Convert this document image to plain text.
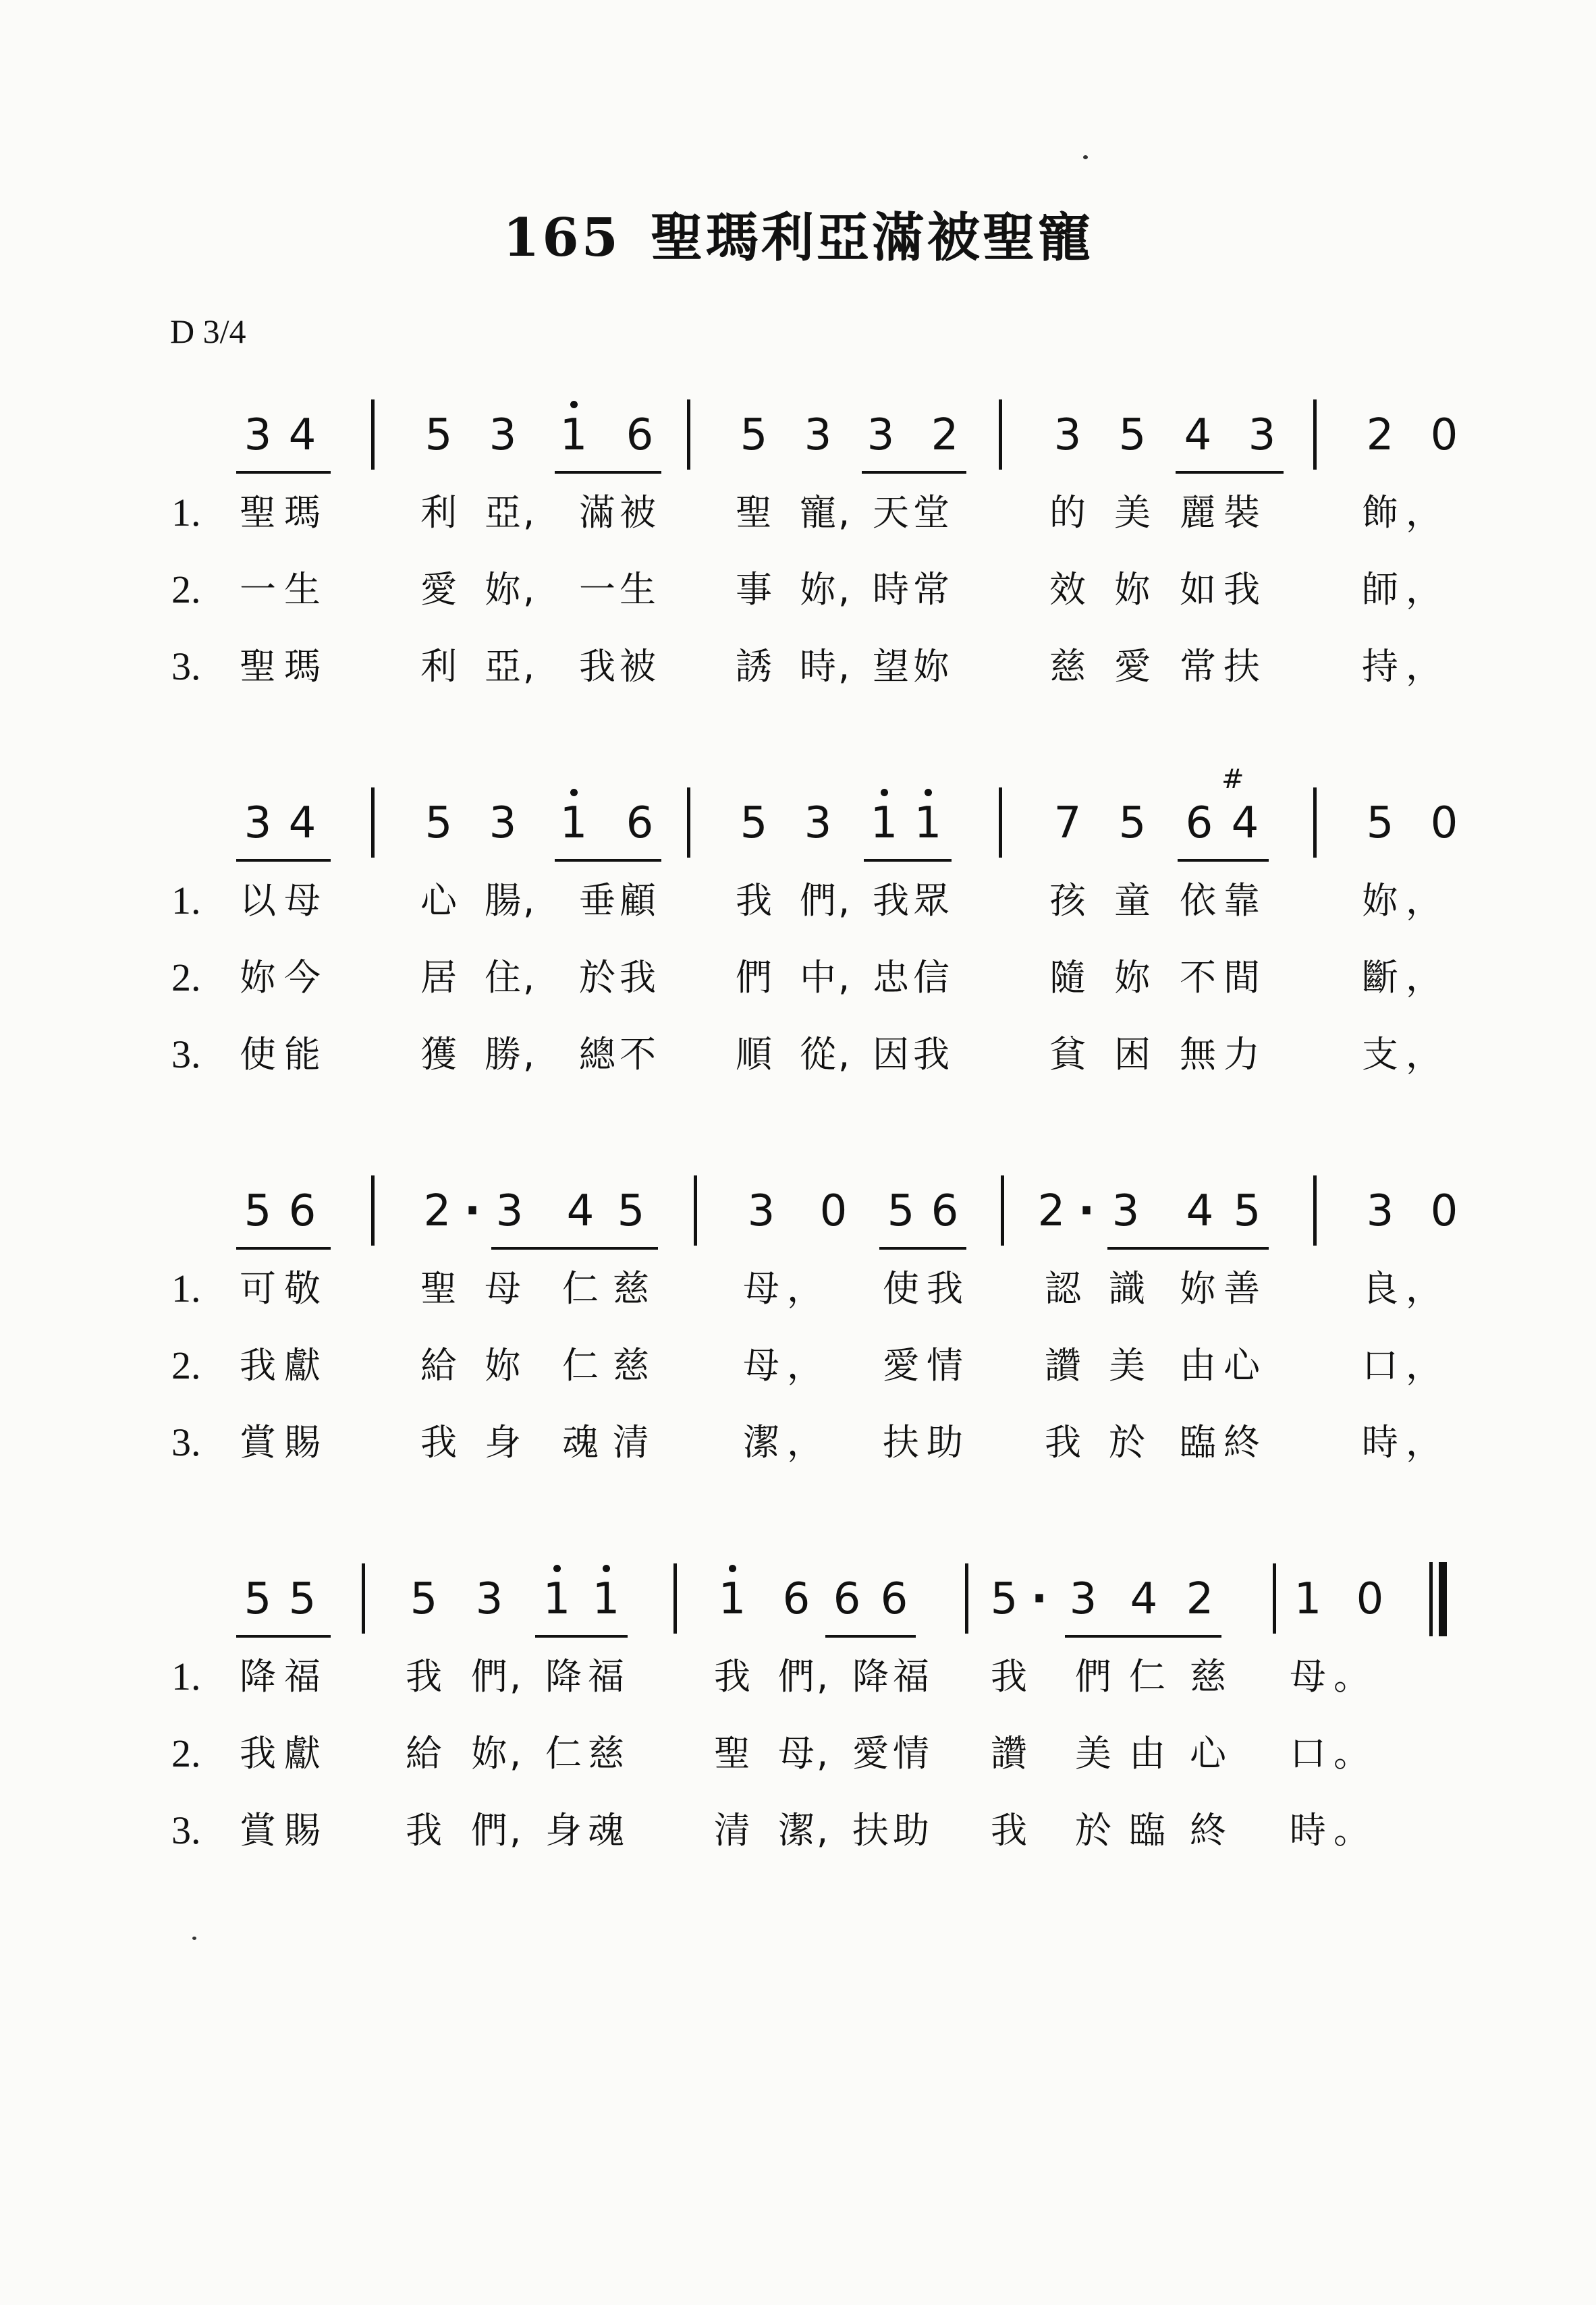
165 聖瑪利亞滿被聖寵
D 3/4
3 4	5 3 1 6 5 3 3 2 3 5 4 3 2 0
1.	聖 瑪	利 亞 , 滿 被 聖 寵 , 天 堂	的 美 麗 裝	飾 ，
2.	一 生	愛 妳 , 一 生 事 妳 , 時 常	效 妳 如 我	師 ，
3.	聖 瑪	利 亞 , 我 被 誘 時 , 望 妳	慈 愛 常 扶	持 ，
3 4	5 3 1 6 5 3 1 1	7 5 6 4 5 0
#
1.	以 母	心 腸 , 垂 顧 我 們 , 我 眾	孩 童 依 靠	妳 ，
2.	妳 今	居 住 , 於 我 們 中 , 忠 信	隨 妳 不 間	斷 ，
3.	使 能	獲 勝 , 總 不 順 從 , 因 我	貧 困 無 力	支 ，
5 6 2 · 3 4 5 3 0 5 6 2 · 3 4 5 3 0
1.	可 敬	聖 母 仁 慈	母 ， 使 我 認 識 妳 善	良 ，
2.	我 獻	給 妳 仁 慈	母 ， 愛 情 讚 美 由 心	口 ，
3.	賞 賜	我 身 魂 清	潔 ， 扶 助 我 於 臨 終	時 ，
5 5 5 3 1 1 1 6 6 6 5 · 3 4 2 1 0
1.	降 福 我 們 , 降 福 我 們 , 降 福 我 們 仁 慈 母 。
2.	我 獻 給 妳 , 仁 慈 聖 母 , 愛 情 讚 美 由 心 口 。
3.	賞 賜 我 們 , 身 魂 清 潔 , 扶 助 我 於 臨 終 時 。
